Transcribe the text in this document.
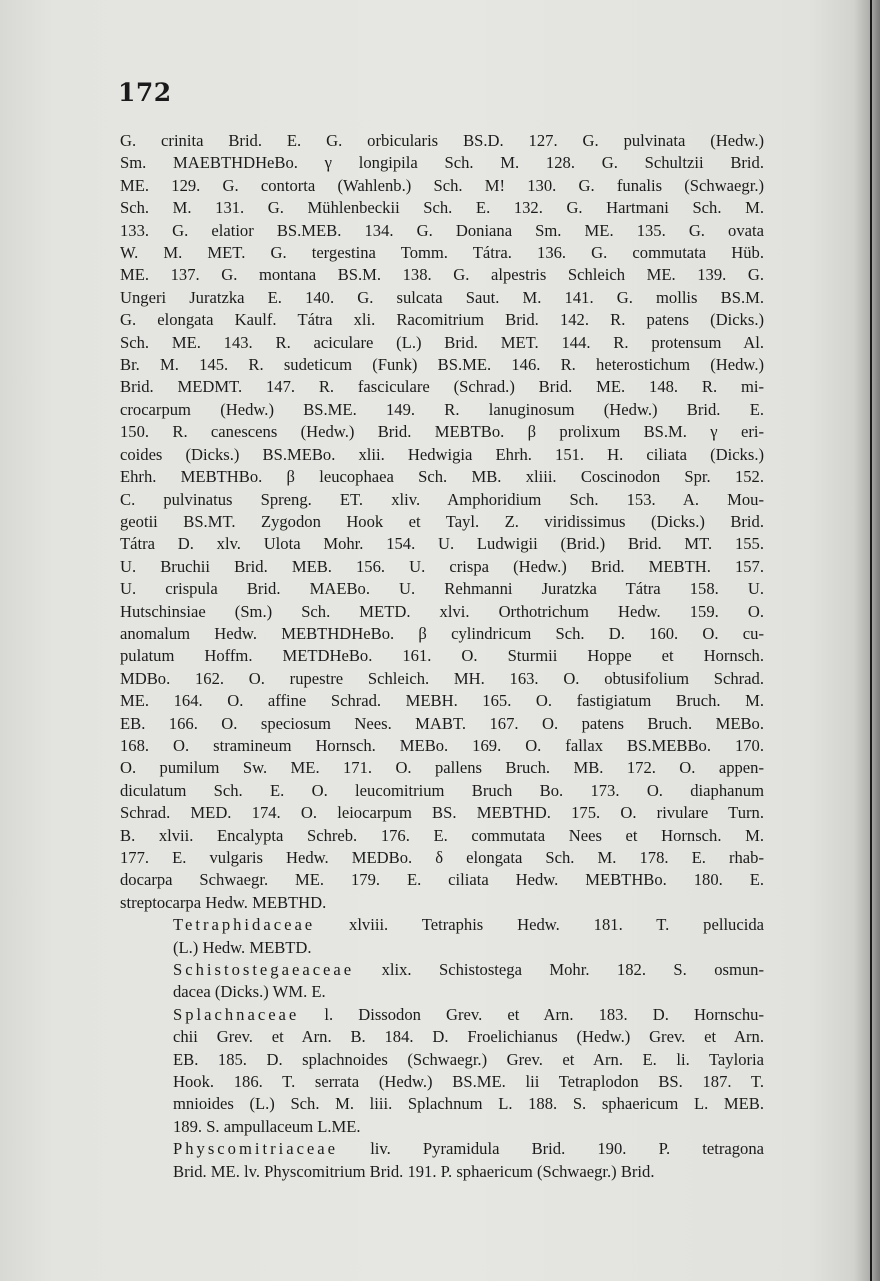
172
G. crinita Brid. E. G. orbicularis BS.D. 127. G. pulvinata (Hedw.)
Sm. MAEBTHDHeBo. γ longipila Sch. M. 128. G. Schultzii Brid.
ME. 129. G. contorta (Wahlenb.) Sch. M! 130. G. funalis (Schwaegr.)
Sch. M. 131. G. Mühlenbeckii Sch. E. 132. G. Hartmani Sch. M.
133. G. elatior BS.MEB. 134. G. Doniana Sm. ME. 135. G. ovata
W. M. MET. G. tergestina Tomm. Tátra. 136. G. commutata Hüb.
ME. 137. G. montana BS.M. 138. G. alpestris Schleich ME. 139. G.
Ungeri Juratzka E. 140. G. sulcata Saut. M. 141. G. mollis BS.M.
G. elongata Kaulf. Tátra xli. Racomitrium Brid. 142. R. patens (Dicks.)
Sch. ME. 143. R. aciculare (L.) Brid. MET. 144. R. protensum Al.
Br. M. 145. R. sudeticum (Funk) BS.ME. 146. R. heterostichum (Hedw.)
Brid. MEDMT. 147. R. fasciculare (Schrad.) Brid. ME. 148. R. mi-
crocarpum (Hedw.) BS.ME. 149. R. lanuginosum (Hedw.) Brid. E.
150. R. canescens (Hedw.) Brid. MEBTBo. β prolixum BS.M. γ eri-
coides (Dicks.) BS.MEBo. xlii. Hedwigia Ehrh. 151. H. ciliata (Dicks.)
Ehrh. MEBTHBo. β leucophaea Sch. MB. xliii. Coscinodon Spr. 152.
C. pulvinatus Spreng. ET. xliv. Amphoridium Sch. 153. A. Mou-
geotii BS.MT. Zygodon Hook et Tayl. Z. viridissimus (Dicks.) Brid.
Tátra D. xlv. Ulota Mohr. 154. U. Ludwigii (Brid.) Brid. MT. 155.
U. Bruchii Brid. MEB. 156. U. crispa (Hedw.) Brid. MEBTH. 157.
U. crispula Brid. MAEBo. U. Rehmanni Juratzka Tátra 158. U.
Hutschinsiae (Sm.) Sch. METD. xlvi. Orthotrichum Hedw. 159. O.
anomalum Hedw. MEBTHDHeBo. β cylindricum Sch. D. 160. O. cu-
pulatum Hoffm. METDHeBo. 161. O. Sturmii Hoppe et Hornsch.
MDBo. 162. O. rupestre Schleich. MH. 163. O. obtusifolium Schrad.
ME. 164. O. affine Schrad. MEBH. 165. O. fastigiatum Bruch. M.
EB. 166. O. speciosum Nees. MABT. 167. O. patens Bruch. MEBo.
168. O. stramineum Hornsch. MEBo. 169. O. fallax BS.MEBBo. 170.
O. pumilum Sw. ME. 171. O. pallens Bruch. MB. 172. O. appen-
diculatum Sch. E. O. leucomitrium Bruch Bo. 173. O. diaphanum
Schrad. MED. 174. O. leiocarpum BS. MEBTHD. 175. O. rivulare Turn.
B. xlvii. Encalypta Schreb. 176. E. commutata Nees et Hornsch. M.
177. E. vulgaris Hedw. MEDBo. δ elongata Sch. M. 178. E. rhab-
docarpa Schwaegr. ME. 179. E. ciliata Hedw. MEBTHBo. 180. E.
streptocarpa Hedw. MEBTHD.
Tetraphidaceae xlviii. Tetraphis Hedw. 181. T. pellucida
(L.) Hedw. MEBTD.
Schistostegaeaceae xlix. Schistostega Mohr. 182. S. osmun-
dacea (Dicks.) WM. E.
Splachnaceae l. Dissodon Grev. et Arn. 183. D. Hornschu-
chii Grev. et Arn. B. 184. D. Froelichianus (Hedw.) Grev. et Arn.
EB. 185. D. splachnoides (Schwaegr.) Grev. et Arn. E. li. Tayloria
Hook. 186. T. serrata (Hedw.) BS.ME. lii Tetraplodon BS. 187. T.
mnioides (L.) Sch. M. liii. Splachnum L. 188. S. sphaericum L. MEB.
189. S. ampullaceum L.ME.
Physcomitriaceae liv. Pyramidula Brid. 190. P. tetragona
Brid. ME. lv. Physcomitrium Brid. 191. P. sphaericum (Schwaegr.) Brid.
